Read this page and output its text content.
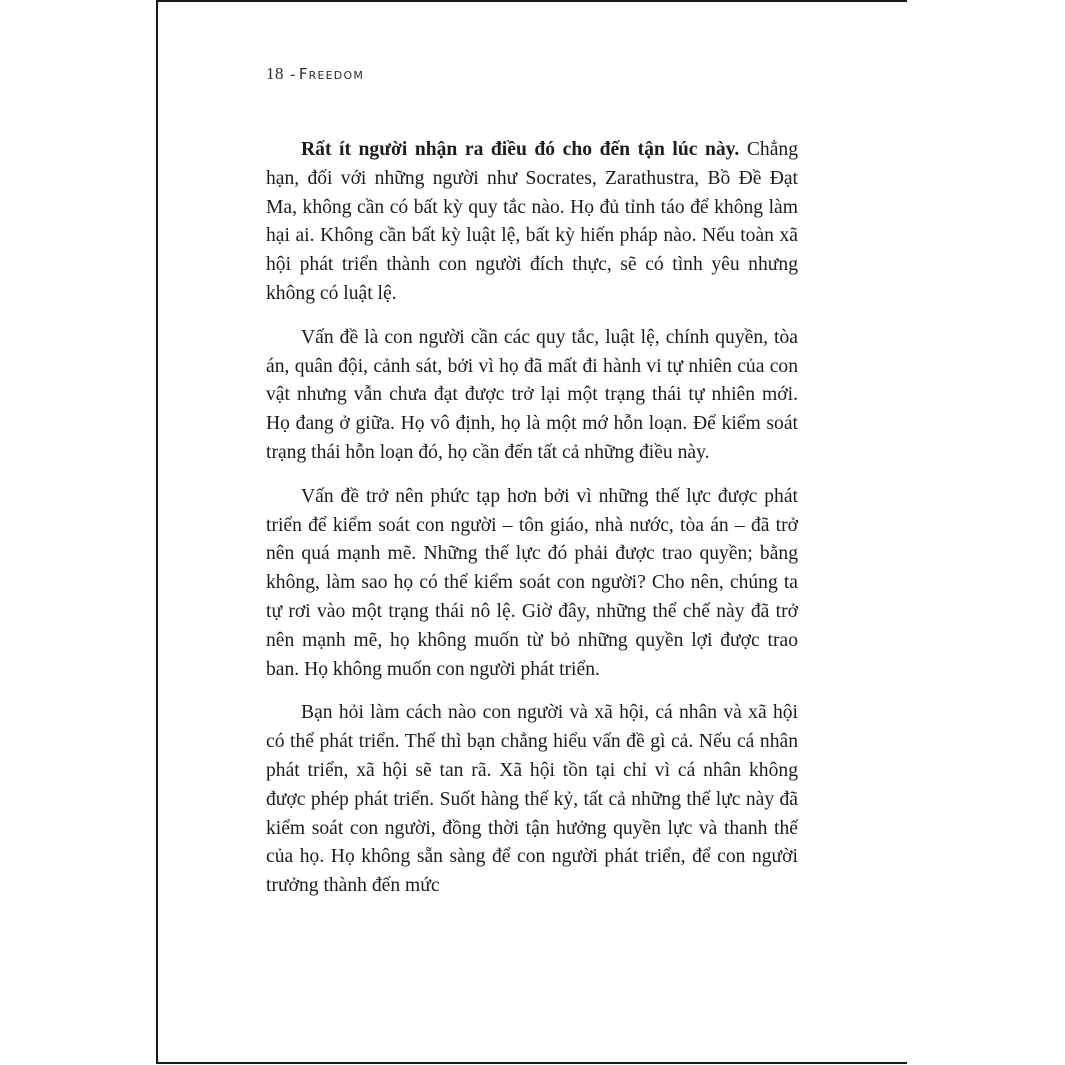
18 - Freedom

Rất ít người nhận ra điều đó cho đến tận lúc này. Chẳng hạn, đối với những người như Socrates, Zarathustra, Bồ Đề Đạt Ma, không cần có bất kỳ quy tắc nào. Họ đủ tỉnh táo để không làm hại ai. Không cần bất kỳ luật lệ, bất kỳ hiến pháp nào. Nếu toàn xã hội phát triển thành con người đích thực, sẽ có tình yêu nhưng không có luật lệ.

Vấn đề là con người cần các quy tắc, luật lệ, chính quyền, tòa án, quân đội, cảnh sát, bởi vì họ đã mất đi hành vi tự nhiên của con vật nhưng vẫn chưa đạt được trở lại một trạng thái tự nhiên mới. Họ đang ở giữa. Họ vô định, họ là một mớ hỗn loạn. Để kiểm soát trạng thái hỗn loạn đó, họ cần đến tất cả những điều này.

Vấn đề trở nên phức tạp hơn bởi vì những thế lực được phát triển để kiểm soát con người – tôn giáo, nhà nước, tòa án – đã trở nên quá mạnh mẽ. Những thế lực đó phải được trao quyền; bằng không, làm sao họ có thể kiểm soát con người? Cho nên, chúng ta tự rơi vào một trạng thái nô lệ. Giờ đây, những thể chế này đã trở nên mạnh mẽ, họ không muốn từ bỏ những quyền lợi được trao ban. Họ không muốn con người phát triển.

Bạn hỏi làm cách nào con người và xã hội, cá nhân và xã hội có thể phát triển. Thế thì bạn chẳng hiểu vấn đề gì cả. Nếu cá nhân phát triển, xã hội sẽ tan rã. Xã hội tồn tại chỉ vì cá nhân không được phép phát triển. Suốt hàng thế kỷ, tất cả những thế lực này đã kiểm soát con người, đồng thời tận hưởng quyền lực và thanh thế của họ. Họ không sẵn sàng để con người phát triển, để con người trưởng thành đến mức
